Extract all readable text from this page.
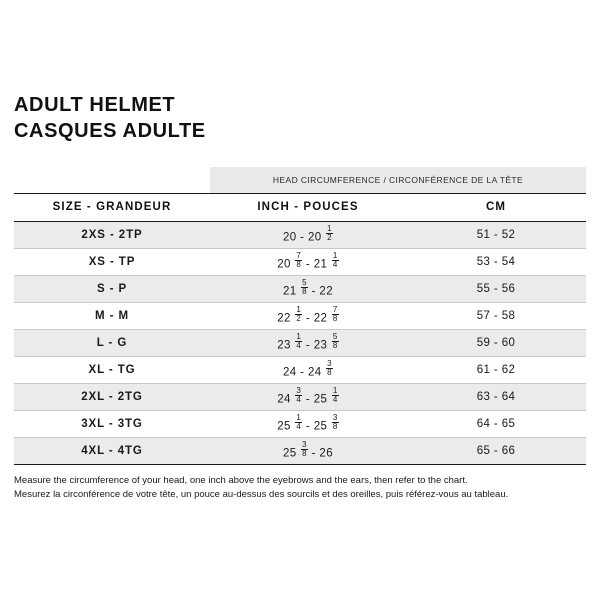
ADULT HELMET
CASQUES ADULTE
	HEAD CIRCUMFERENCE / CIRCONFÉRENCE DE LA TÊTE	
SIZE - GRANDEUR	INCH - POUCES	CM
2XS - 2TP	$20 - 20 \frac{1}{2}$	51 - 52
XS - TP	$20 \frac{7}{8} - 21 \frac{1}{4}$	53 - 54
S - P	$21 \frac{5}{8} - 22$	55 - 56
M - M	$22 \frac{1}{2} - 22 \frac{7}{8}$	57 - 58
L - G	$23 \frac{1}{4} - 23 \frac{5}{8}$	59 - 60
XL - TG	$24 - 24 \frac{3}{8}$	61 - 62
2XL - 2TG	$24 \frac{3}{4} - 25 \frac{1}{4}$	63 - 64
3XL - 3TG	$25 \frac{1}{4} - 25 \frac{3}{8}$	64 - 65
4XL - 4TG	$25 \frac{3}{8} - 26$	65 - 66
Measure the circumference of your head, one inch above the eyebrows and the ears, then refer to the chart.
Mesurez la circonférence de votre tête, un pouce au-dessus des sourcils et des oreilles, puis référez-vous au tableau.
